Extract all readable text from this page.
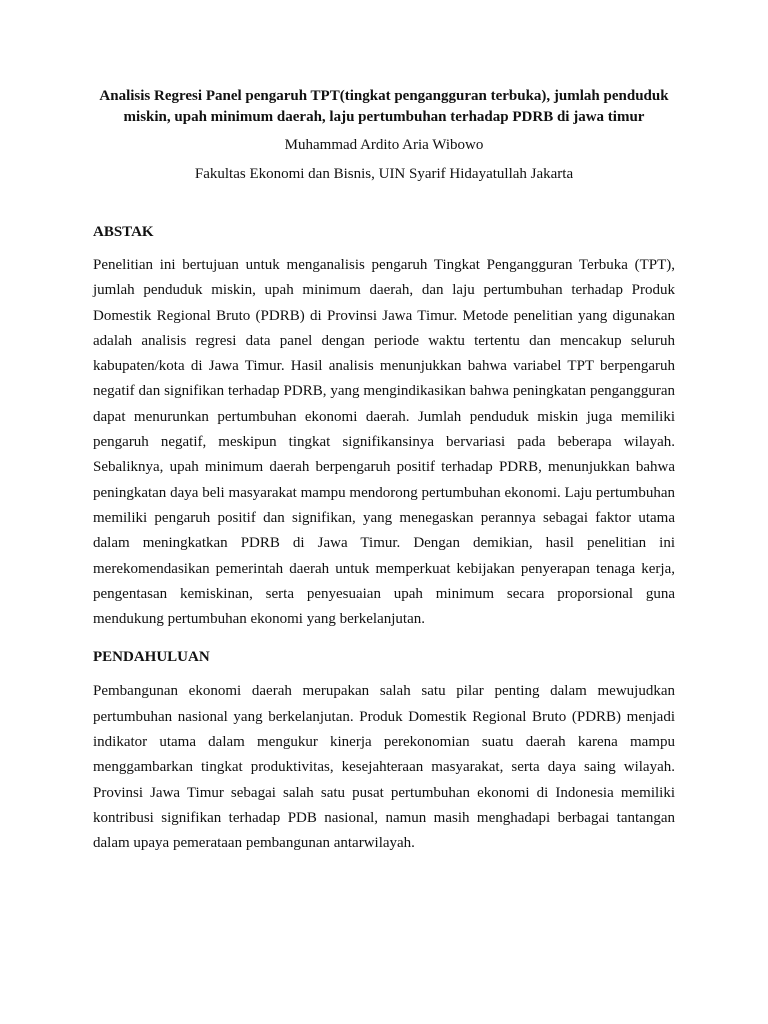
Analisis Regresi Panel pengaruh TPT(tingkat pengangguran terbuka), jumlah penduduk miskin, upah minimum daerah, laju pertumbuhan terhadap PDRB di jawa timur

Muhammad Ardito Aria Wibowo

Fakultas Ekonomi dan Bisnis, UIN Syarif Hidayatullah Jakarta

ABSTAK

Penelitian ini bertujuan untuk menganalisis pengaruh Tingkat Pengangguran Terbuka (TPT), jumlah penduduk miskin, upah minimum daerah, dan laju pertumbuhan terhadap Produk Domestik Regional Bruto (PDRB) di Provinsi Jawa Timur. Metode penelitian yang digunakan adalah analisis regresi data panel dengan periode waktu tertentu dan mencakup seluruh kabupaten/kota di Jawa Timur. Hasil analisis menunjukkan bahwa variabel TPT berpengaruh negatif dan signifikan terhadap PDRB, yang mengindikasikan bahwa peningkatan pengangguran dapat menurunkan pertumbuhan ekonomi daerah. Jumlah penduduk miskin juga memiliki pengaruh negatif, meskipun tingkat signifikansinya bervariasi pada beberapa wilayah. Sebaliknya, upah minimum daerah berpengaruh positif terhadap PDRB, menunjukkan bahwa peningkatan daya beli masyarakat mampu mendorong pertumbuhan ekonomi. Laju pertumbuhan memiliki pengaruh positif dan signifikan, yang menegaskan perannya sebagai faktor utama dalam meningkatkan PDRB di Jawa Timur. Dengan demikian, hasil penelitian ini merekomendasikan pemerintah daerah untuk memperkuat kebijakan penyerapan tenaga kerja, pengentasan kemiskinan, serta penyesuaian upah minimum secara proporsional guna mendukung pertumbuhan ekonomi yang berkelanjutan.

PENDAHULUAN

Pembangunan ekonomi daerah merupakan salah satu pilar penting dalam mewujudkan pertumbuhan nasional yang berkelanjutan. Produk Domestik Regional Bruto (PDRB) menjadi indikator utama dalam mengukur kinerja perekonomian suatu daerah karena mampu menggambarkan tingkat produktivitas, kesejahteraan masyarakat, serta daya saing wilayah. Provinsi Jawa Timur sebagai salah satu pusat pertumbuhan ekonomi di Indonesia memiliki kontribusi signifikan terhadap PDB nasional, namun masih menghadapi berbagai tantangan dalam upaya pemerataan pembangunan antarwilayah.
